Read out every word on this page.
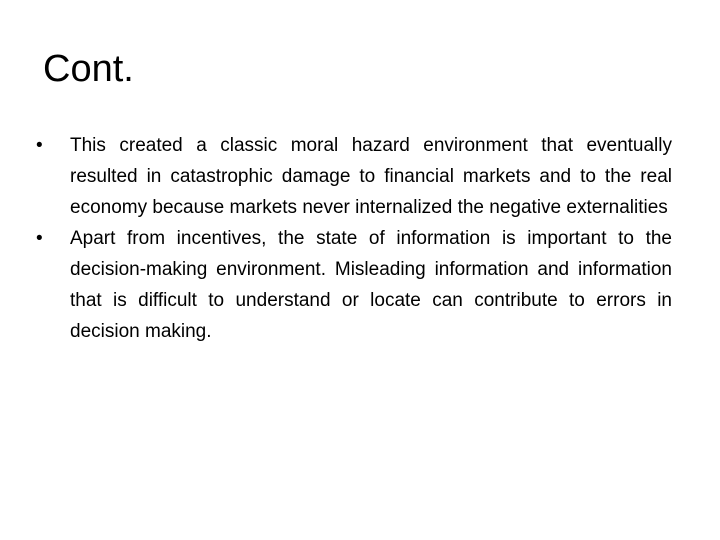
Cont.
•	This created a classic moral hazard environment that eventually resulted in catastrophic damage to financial markets and to the real economy because markets never internalized the negative externalities
•	Apart from incentives, the state of information is important to the decision-making environment. Misleading information and information that is difficult to understand or locate can contribute to errors in decision making.
